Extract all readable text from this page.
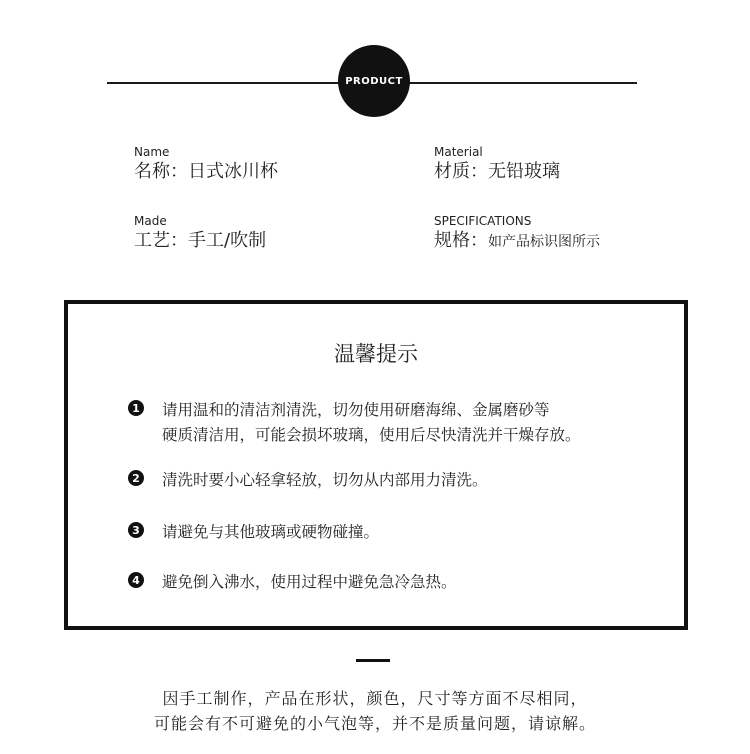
PRODUCT
Name
名称：日式冰川杯
Material
材质：无铅玻璃
Made
工艺：手工/吹制
SPECIFICATIONS
规格：如产品标识图所示
温馨提示
1 请用温和的清洁剂清洗，切勿使用研磨海绵、金属磨砂等
硬质清洁用，可能会损坏玻璃，使用后尽快清洗并干燥存放。
2 清洗时要小心轻拿轻放，切勿从内部用力清洗。
3 请避免与其他玻璃或硬物碰撞。
4 避免倒入沸水，使用过程中避免急冷急热。
因手工制作，产品在形状，颜色，尺寸等方面不尽相同，
可能会有不可避免的小气泡等，并不是质量问题，请谅解。
